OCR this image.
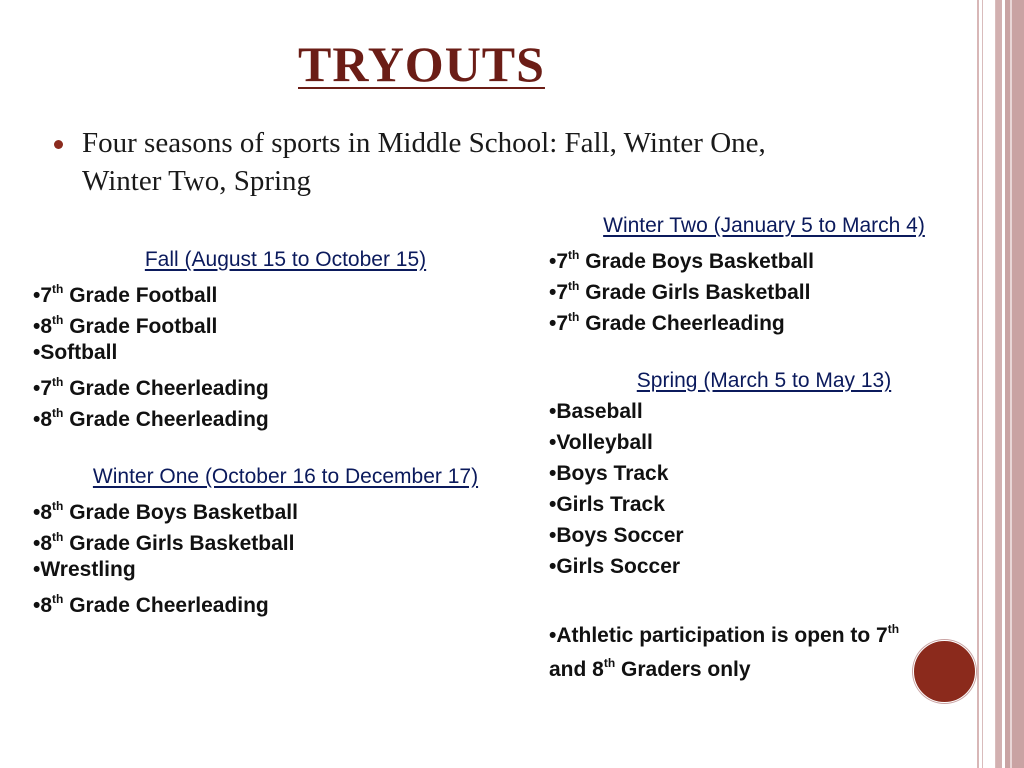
TRYOUTS
Four seasons of sports in Middle School: Fall, Winter One, Winter Two, Spring
Fall (August 15 to October 15)
•7th Grade Football
•8th Grade Football
•Softball
•7th Grade Cheerleading
•8th Grade Cheerleading
Winter One (October 16 to December 17)
•8th Grade Boys Basketball
•8th Grade Girls Basketball
•Wrestling
•8th Grade Cheerleading
Winter Two (January 5 to March 4)
•7th Grade Boys Basketball
•7th Grade Girls Basketball
•7th Grade Cheerleading
Spring (March 5 to May 13)
•Baseball
•Volleyball
•Boys Track
•Girls Track
•Boys Soccer
•Girls Soccer
•Athletic participation is open to 7th
and 8th Graders only
